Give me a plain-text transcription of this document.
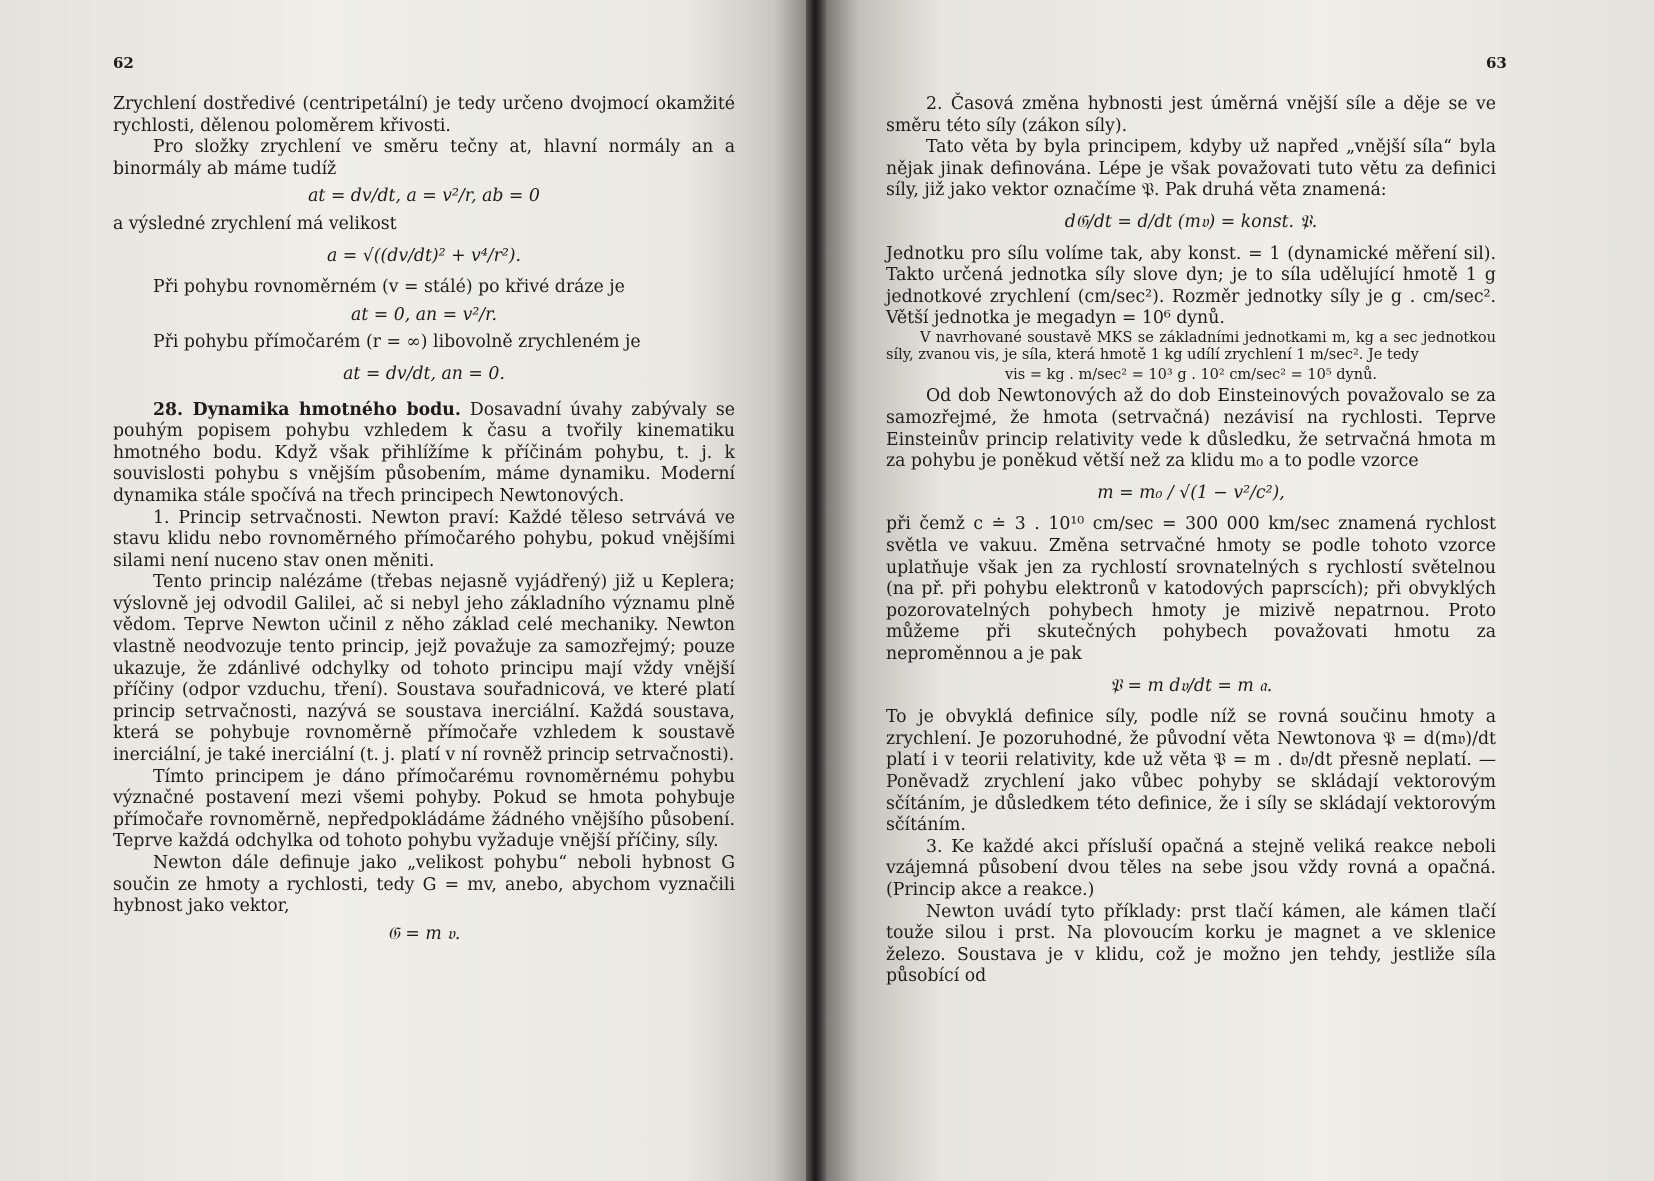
62

Zrychlení dostředivé (centripetální) je tedy určeno dvojmocí okamžité rychlosti, dělenou poloměrem křivosti.

Pro složky zrychlení ve směru tečny at, hlavní normály an a binormály ab máme tudíž

at = dv/dt, a = v²/r, ab = 0

a výsledné zrychlení má velikost

a = √((dv/dt)² + v⁴/r²).

Při pohybu rovnoměrném (v = stálé) po křivé dráze je

at = 0, an = v²/r.

Při pohybu přímočarém (r = ∞) libovolně zrychleném je

at = dv/dt, an = 0.

28. Dynamika hmotného bodu. Dosavadní úvahy zabývaly se pouhým popisem pohybu vzhledem k času a tvořily kinematiku hmotného bodu. Když však přihlížíme k příčinám pohybu, t. j. k souvislosti pohybu s vnějším působením, máme dynamiku. Moderní dynamika stále spočívá na třech principech Newtonových.

1. Princip setrvačnosti. Newton praví: Každé těleso setrvává ve stavu klidu nebo rovnoměrného přímočarého pohybu, pokud vnějšími silami není nuceno stav onen měniti.

Tento princip nalézáme (třebas nejasně vyjádřený) již u Keplera; výslovně jej odvodil Galilei, ač si nebyl jeho základního významu plně vědom. Teprve Newton učinil z něho základ celé mechaniky. Newton vlastně neodvozuje tento princip, jejž považuje za samozřejmý; pouze ukazuje, že zdánlivé odchylky od tohoto principu mají vždy vnější příčiny (odpor vzduchu, tření). Soustava souřadnicová, ve které platí princip setrvačnosti, nazývá se soustava inerciální. Každá soustava, která se pohybuje rovnoměrně přímočaře vzhledem k soustavě inerciální, je také inerciální (t. j. platí v ní rovněž princip setrvačnosti).

Tímto principem je dáno přímočarému rovnoměrnému pohybu význačné postavení mezi všemi pohyby. Pokud se hmota pohybuje přímočaře rovnoměrně, nepředpokládáme žádného vnějšího působení. Teprve každá odchylka od tohoto pohybu vyžaduje vnější příčiny, síly.

Newton dále definuje jako „velikost pohybu“ neboli hybnost G součin ze hmoty a rychlosti, tedy G = mv, anebo, abychom vyznačili hybnost jako vektor,

𝔊 = m 𝔳.
63

2. Časová změna hybnosti jest úměrná vnější síle a děje se ve směru této síly (zákon síly).

Tato věta by byla principem, kdyby už napřed „vnější síla“ byla nějak jinak definována. Lépe je však považovati tuto větu za definici síly, již jako vektor označíme 𝔓. Pak druhá věta znamená:

d𝔊/dt = d/dt (m𝔳) = konst. 𝔓.

Jednotku pro sílu volíme tak, aby konst. = 1 (dynamické měření sil). Takto určená jednotka síly slove dyn; je to síla udělující hmotě 1 g jednotkové zrychlení (cm/sec²). Rozměr jednotky síly je g . cm/sec². Větší jednotka je megadyn = 10⁶ dynů.

V navrhované soustavě MKS se základními jednotkami m, kg a sec jednotkou síly, zvanou vis, je síla, která hmotě 1 kg udílí zrychlení 1 m/sec². Je tedy

vis = kg . m/sec² = 10³ g . 10² cm/sec² = 10⁵ dynů.

Od dob Newtonových až do dob Einsteinových považovalo se za samozřejmé, že hmota (setrvačná) nezávisí na rychlosti. Teprve Einsteinův princip relativity vede k důsledku, že setrvačná hmota m za pohybu je poněkud větší než za klidu m₀ a to podle vzorce

m = m₀ / √(1 − v²/c²),

při čemž c ≐ 3 . 10¹⁰ cm/sec = 300 000 km/sec znamená rychlost světla ve vakuu. Změna setrvačné hmoty se podle tohoto vzorce uplatňuje však jen za rychlostí srovnatelných s rychlostí světelnou (na př. při pohybu elektronů v katodových paprscích); při obvyklých pozorovatelných pohybech hmoty je mizivě nepatrnou. Proto můžeme při skutečných pohybech považovati hmotu za neproměnnou a je pak

𝔓 = m d𝔳/dt = m 𝔞.

To je obvyklá definice síly, podle níž se rovná součinu hmoty a zrychlení. Je pozoruhodné, že původní věta Newtonova 𝔓 = d(m𝔳)/dt platí i v teorii relativity, kde už věta 𝔓 = m . d𝔳/dt přesně neplatí. — Poněvadž zrychlení jako vůbec pohyby se skládají vektorovým sčítáním, je důsledkem této definice, že i síly se skládají vektorovým sčítáním.

3. Ke každé akci přísluší opačná a stejně veliká reakce neboli vzájemná působení dvou těles na sebe jsou vždy rovná a opačná. (Princip akce a reakce.)

Newton uvádí tyto příklady: prst tlačí kámen, ale kámen tlačí touže silou i prst. Na plovoucím korku je magnet a ve sklenice železo. Soustava je v klidu, což je možno jen tehdy, jestliže síla působící od
